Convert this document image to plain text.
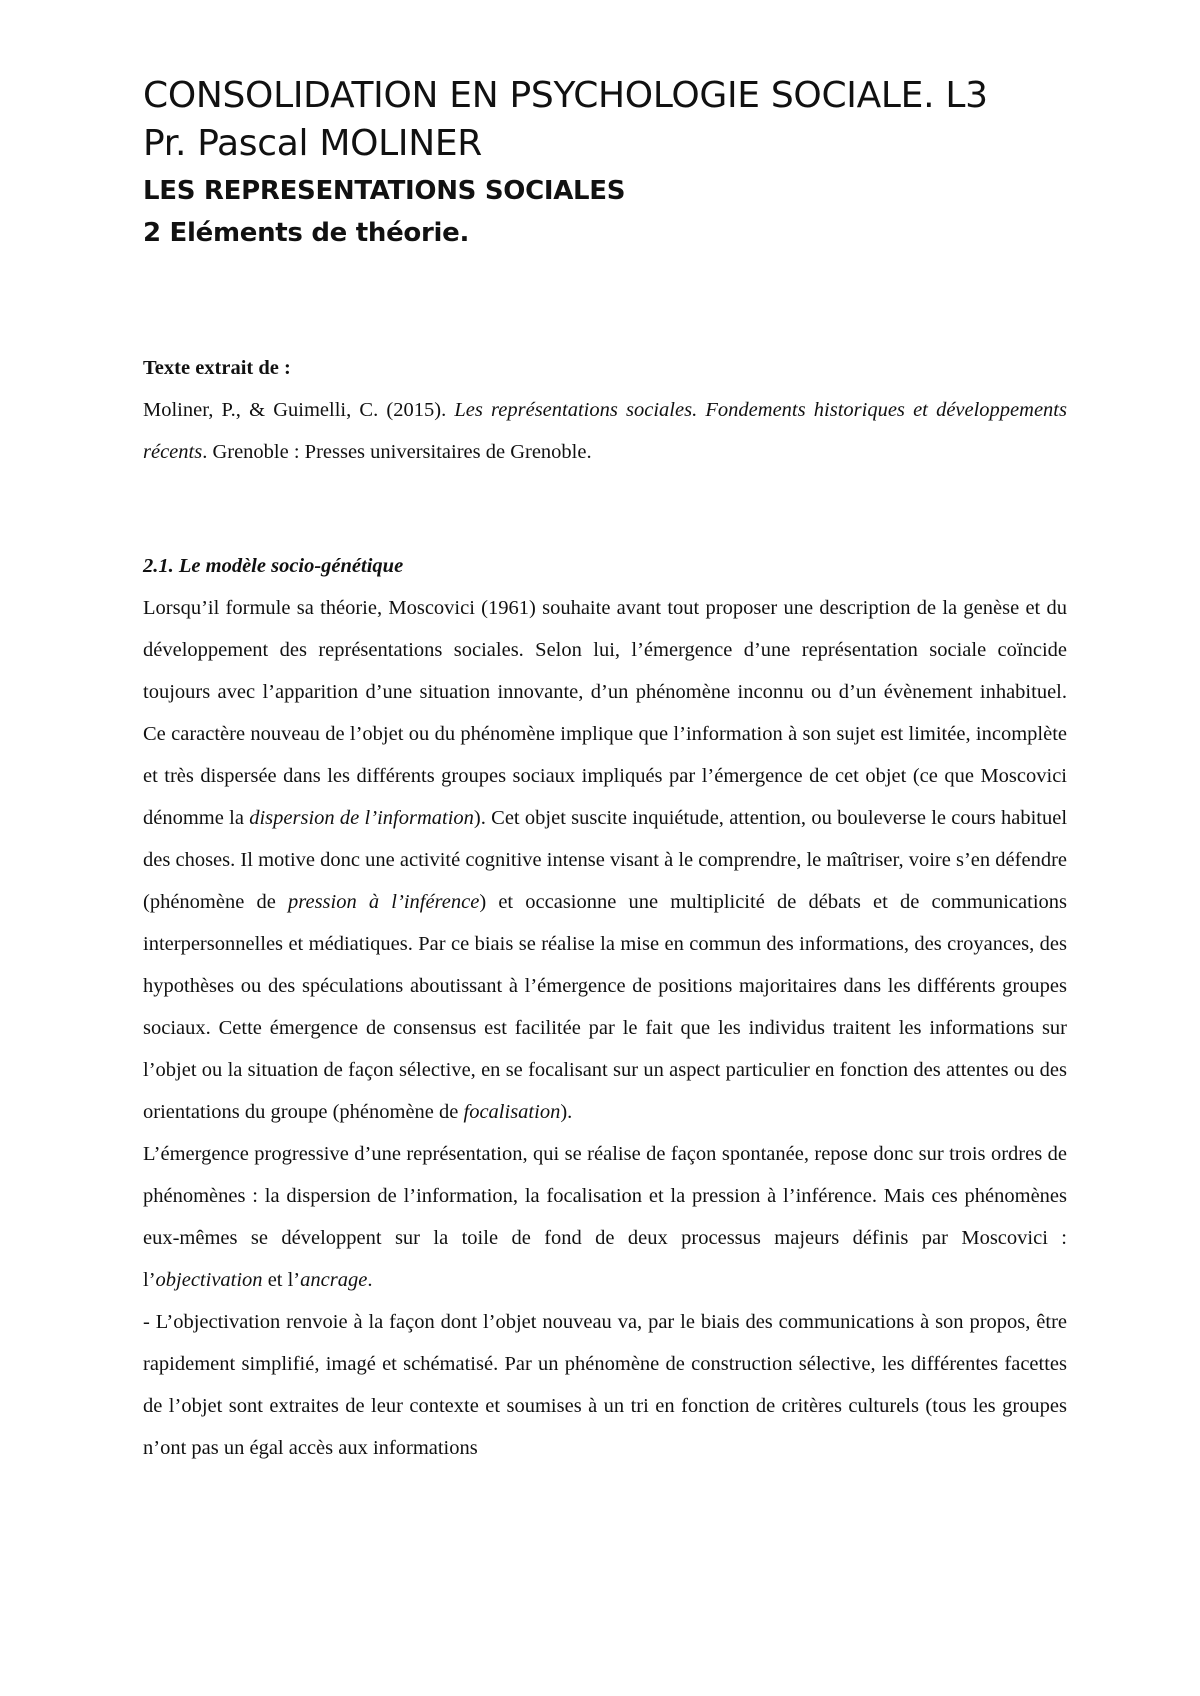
CONSOLIDATION EN PSYCHOLOGIE SOCIALE. L3
Pr. Pascal MOLINER
LES REPRESENTATIONS SOCIALES
2 Eléments de théorie.
Texte extrait de :

Moliner, P., & Guimelli, C. (2015). Les représentations sociales. Fondements historiques et développements récents. Grenoble : Presses universitaires de Grenoble.

2.1. Le modèle socio-génétique

Lorsqu’il formule sa théorie, Moscovici (1961) souhaite avant tout proposer une description de la genèse et du développement des représentations sociales. Selon lui, l’émergence d’une représentation sociale coïncide toujours avec l’apparition d’une situation innovante, d’un phénomène inconnu ou d’un évènement inhabituel. Ce caractère nouveau de l’objet ou du phénomène implique que l’information à son sujet est limitée, incomplète et très dispersée dans les différents groupes sociaux impliqués par l’émergence de cet objet (ce que Moscovici dénomme la dispersion de l’information). Cet objet suscite inquiétude, attention, ou bouleverse le cours habituel des choses. Il motive donc une activité cognitive intense visant à le comprendre, le maîtriser, voire s’en défendre (phénomène de pression à l’inférence) et occasionne une multiplicité de débats et de communications interpersonnelles et médiatiques. Par ce biais se réalise la mise en commun des informations, des croyances, des hypothèses ou des spéculations aboutissant à l’émergence de positions majoritaires dans les différents groupes sociaux. Cette émergence de consensus est facilitée par le fait que les individus traitent les informations sur l’objet ou la situation de façon sélective, en se focalisant sur un aspect particulier en fonction des attentes ou des orientations du groupe (phénomène de focalisation).

L’émergence progressive d’une représentation, qui se réalise de façon spontanée, repose donc sur trois ordres de phénomènes : la dispersion de l’information, la focalisation et la pression à l’inférence. Mais ces phénomènes eux-mêmes se développent sur la toile de fond de deux processus majeurs définis par Moscovici : l’objectivation et l’ancrage.

- L’objectivation renvoie à la façon dont l’objet nouveau va, par le biais des communications à son propos, être rapidement simplifié, imagé et schématisé. Par un phénomène de construction sélective, les différentes facettes de l’objet sont extraites de leur contexte et soumises à un tri en fonction de critères culturels (tous les groupes n’ont pas un égal accès aux informations
